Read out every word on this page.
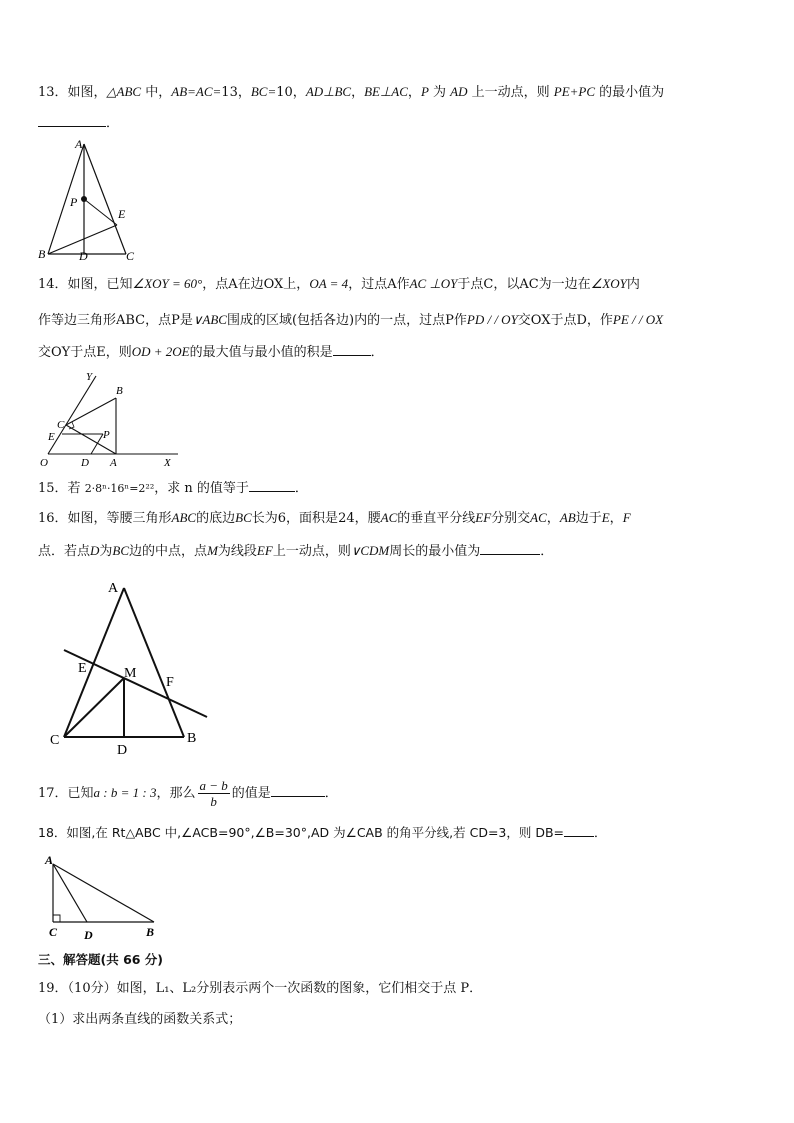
13．如图，△ABC 中，AB=AC=13，BC=10，AD⊥BC，BE⊥AC，P 为 AD 上一动点，则 PE+PC 的最小值为
．
A
P
E
B	D	C
14．如图，已知∠XOY = 60°，点A在边OX上，OA = 4，过点A作AC ⊥OY于点C，以AC为一边在∠XOY内
作等边三角形ABC，点P是∨ABC围成的区域(包括各边)内的一点，过点P作PD / / OY交OX于点D，作PE / / OX
交OY于点E，则OD + 2OE的最大值与最小值的积是	．
Y
B
C
E	P
O	D A	X
15．若 2·8ⁿ·16ⁿ=2²²，求 n 的值等于	．
16．如图，等腰三角形ABC的底边BC长为6，面积是24，腰AC的垂直平分线EF分别交AC，AB边于E，F
点．若点D为BC边的中点，点M为线段EF上一动点，则∨CDM周长的最小值为	．
A
E	M
F
C
D
B
17．已知a : b = 1 : 3，那么 $\frac{a - b}{b}$ 的值是	．
18．如图,在 Rt△ABC 中,∠ACB=90°,∠B=30°,AD 为∠CAB 的角平分线,若 CD=3，则 DB= ．
A
C D	B
三、解答题(共 66 分)
19．（10分）如图，L₁、L₂分别表示两个一次函数的图象，它们相交于点 P．
（1）求出两条直线的函数关系式；
